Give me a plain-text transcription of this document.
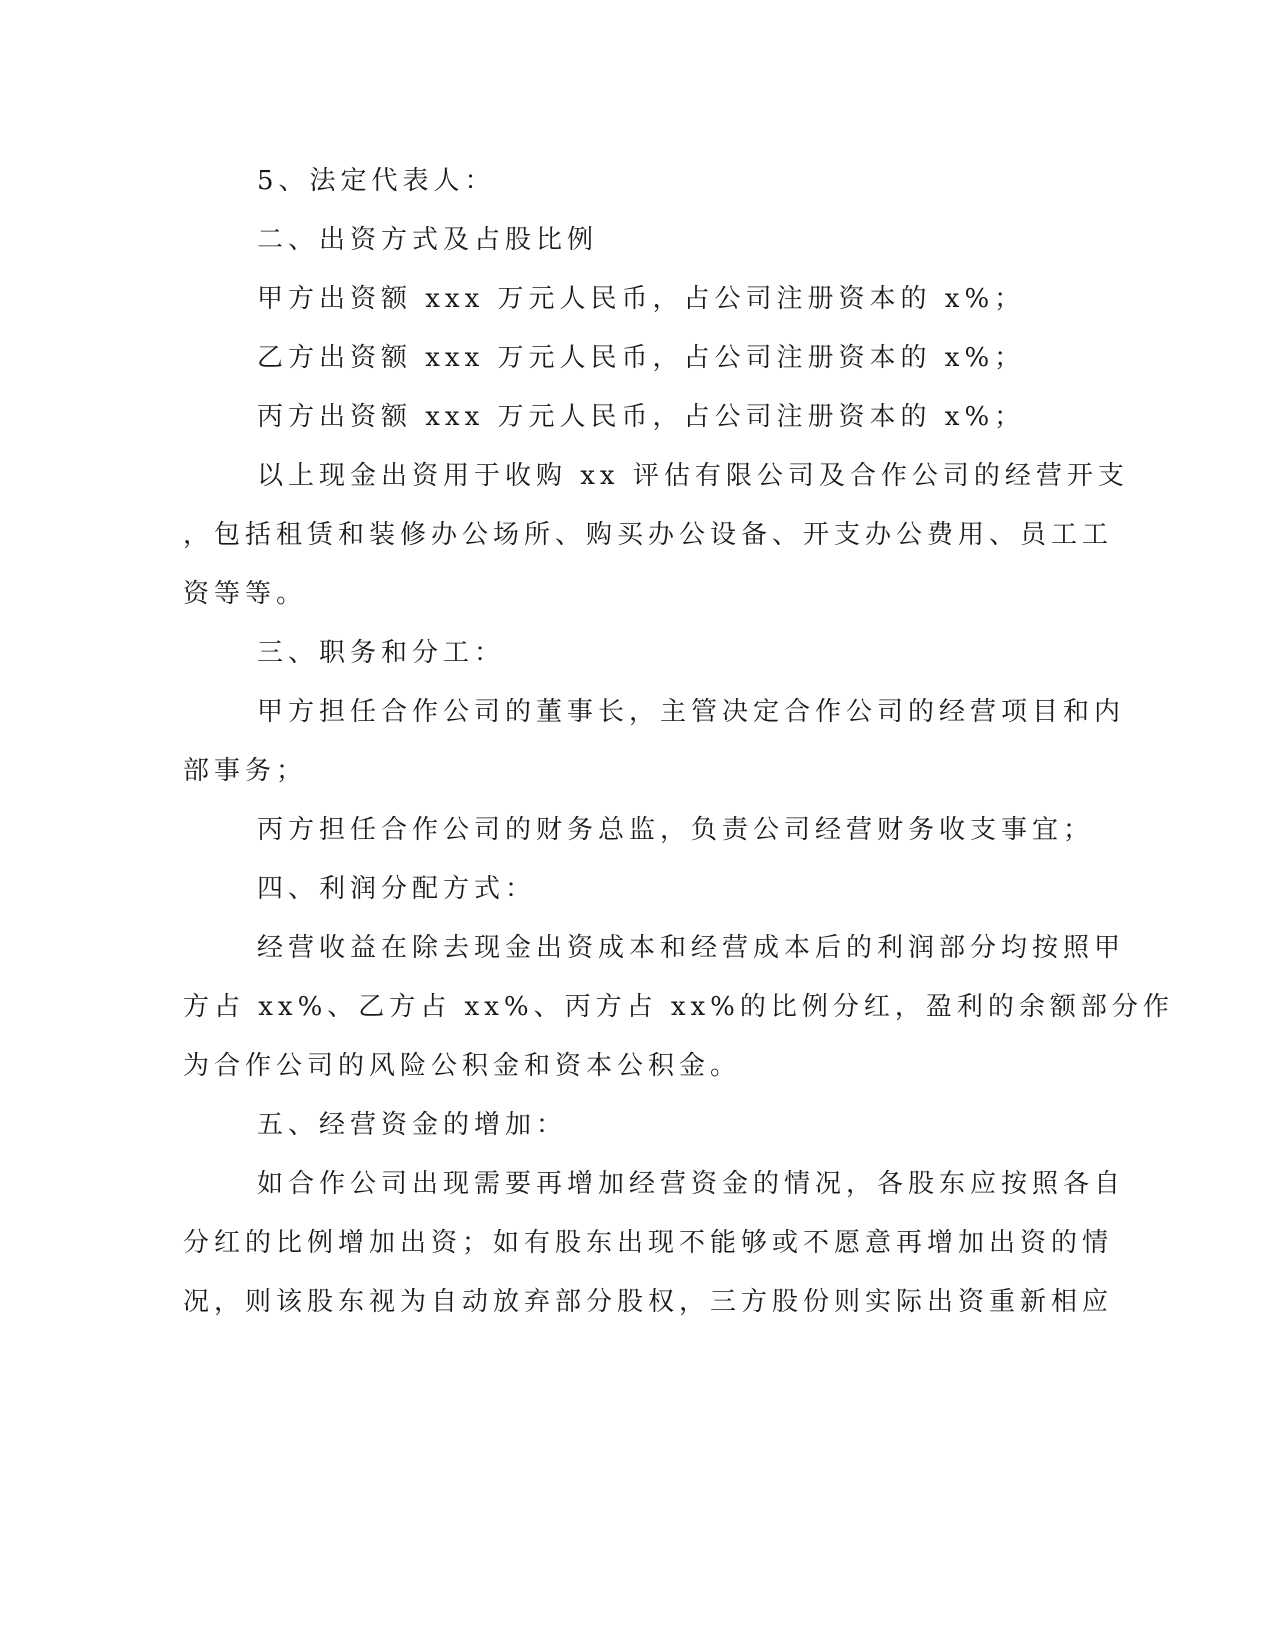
5、法定代表人：
二、出资方式及占股比例
甲方出资额 xxx 万元人民币，占公司注册资本的 x%；
乙方出资额 xxx 万元人民币，占公司注册资本的 x%；
丙方出资额 xxx 万元人民币，占公司注册资本的 x%；
以上现金出资用于收购 xx 评估有限公司及合作公司的经营开支
，包括租赁和装修办公场所、购买办公设备、开支办公费用、员工工
资等等。
三、职务和分工：
甲方担任合作公司的董事长，主管决定合作公司的经营项目和内
部事务；
丙方担任合作公司的财务总监，负责公司经营财务收支事宜；
四、利润分配方式：
经营收益在除去现金出资成本和经营成本后的利润部分均按照甲
方占 xx%、乙方占 xx%、丙方占 xx%的比例分红，盈利的余额部分作
为合作公司的风险公积金和资本公积金。
五、经营资金的增加：
如合作公司出现需要再增加经营资金的情况，各股东应按照各自
分红的比例增加出资；如有股东出现不能够或不愿意再增加出资的情
况，则该股东视为自动放弃部分股权，三方股份则实际出资重新相应
